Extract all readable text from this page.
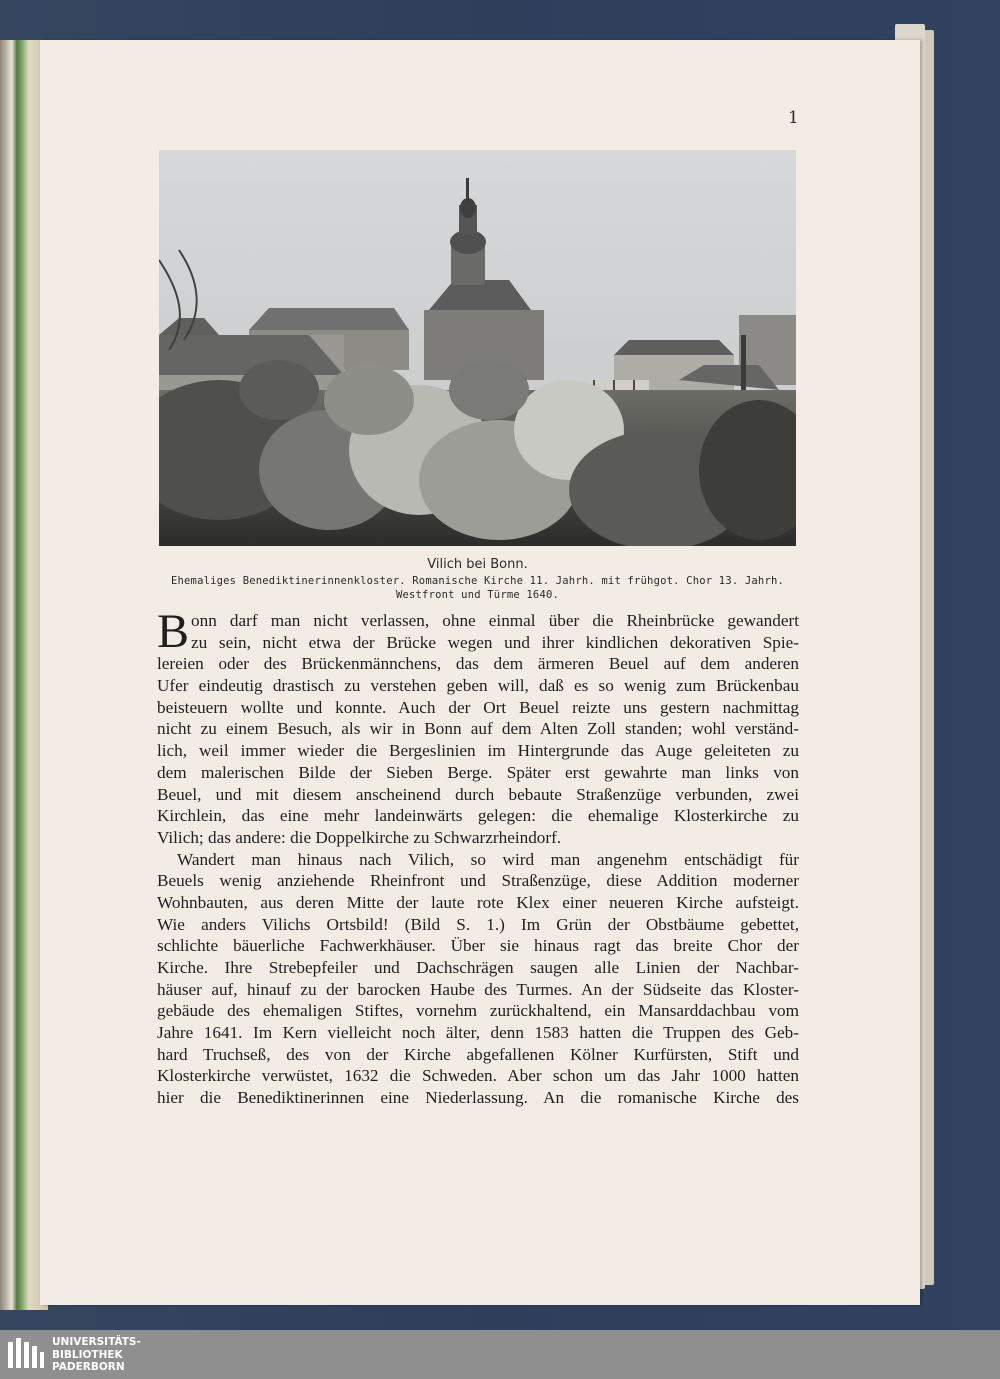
1
Vilich bei Bonn.
Ehemaliges Benediktinerinnenkloster. Romanische Kirche 11. Jahrh. mit frühgot. Chor 13. Jahrh.
Westfront und Türme 1640.
B onn darf man nicht verlassen, ohne einmal über die Rheinbrücke gewandert
zu sein, nicht etwa der Brücke wegen und ihrer kindlichen dekorativen Spie-
lereien oder des Brückenmännchens, das dem ärmeren Beuel auf dem anderen
Ufer eindeutig drastisch zu verstehen geben will, daß es so wenig zum Brückenbau
beisteuern wollte und konnte. Auch der Ort Beuel reizte uns gestern nachmittag
nicht zu einem Besuch, als wir in Bonn auf dem Alten Zoll standen; wohl verständ-
lich, weil immer wieder die Bergeslinien im Hintergrunde das Auge geleiteten zu
dem malerischen Bilde der Sieben Berge. Später erst gewahrte man links von
Beuel, und mit diesem anscheinend durch bebaute Straßenzüge verbunden, zwei
Kirchlein, das eine mehr landeinwärts gelegen: die ehemalige Klosterkirche zu
Vilich; das andere: die Doppelkirche zu Schwarzrheindorf.
Wandert man hinaus nach Vilich, so wird man angenehm entschädigt für
Beuels wenig anziehende Rheinfront und Straßenzüge, diese Addition moderner
Wohnbauten, aus deren Mitte der laute rote Klex einer neueren Kirche aufsteigt.
Wie anders Vilichs Ortsbild! (Bild S. 1.) Im Grün der Obstbäume gebettet,
schlichte bäuerliche Fachwerkhäuser. Über sie hinaus ragt das breite Chor der
Kirche. Ihre Strebepfeiler und Dachschrägen saugen alle Linien der Nachbar-
häuser auf, hinauf zu der barocken Haube des Turmes. An der Südseite das Kloster-
gebäude des ehemaligen Stiftes, vornehm zurückhaltend, ein Mansarddachbau vom
Jahre 1641. Im Kern vielleicht noch älter, denn 1583 hatten die Truppen des Geb-
hard Truchseß, des von der Kirche abgefallenen Kölner Kurfürsten, Stift und
Klosterkirche verwüstet, 1632 die Schweden. Aber schon um das Jahr 1000 hatten
hier die Benediktinerinnen eine Niederlassung. An die romanische Kirche des
UNIVERSITÄTS-
BIBLIOTHEK
PADERBORN
